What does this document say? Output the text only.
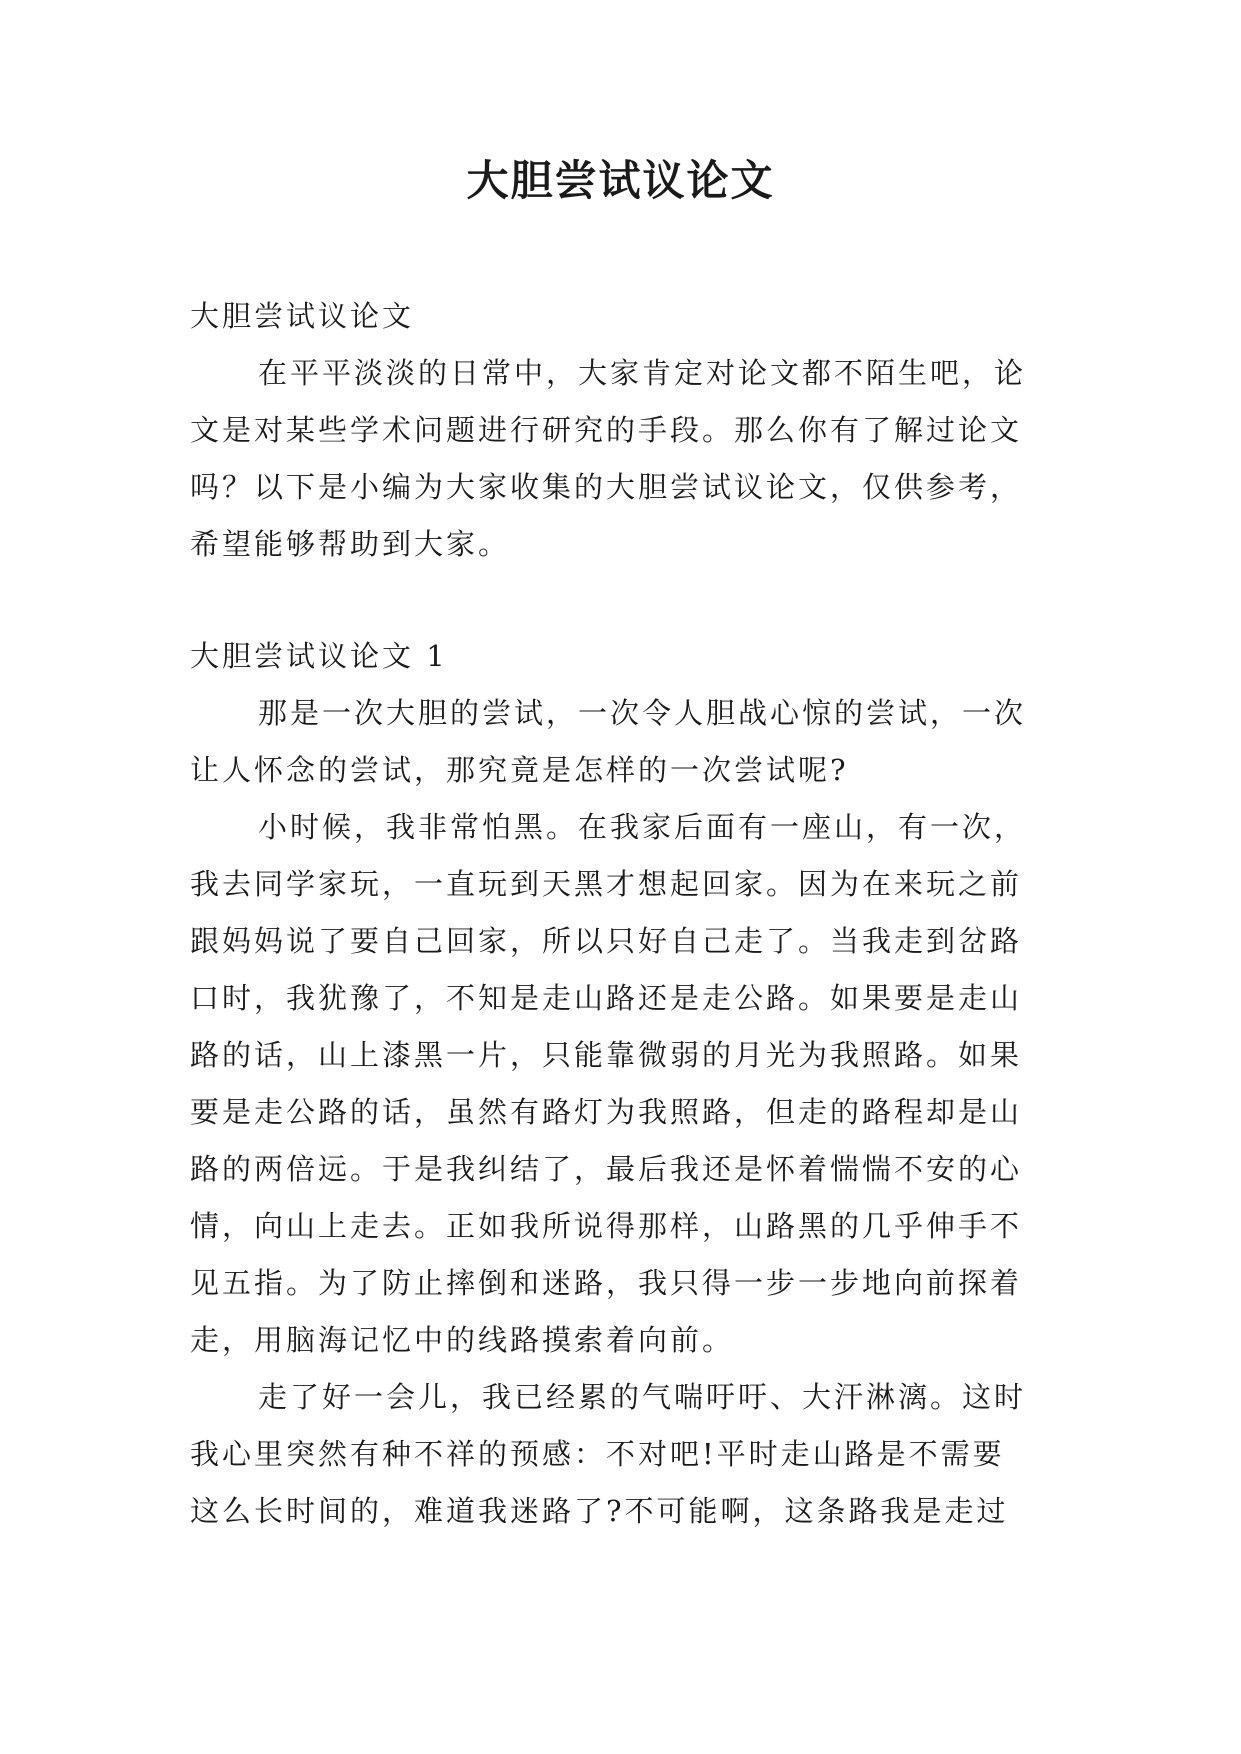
大胆尝试议论文
大胆尝试议论文
在平平淡淡的日常中，大家肯定对论文都不陌生吧，论
文是对某些学术问题进行研究的手段。那么你有了解过论文
吗？以下是小编为大家收集的大胆尝试议论文，仅供参考，
希望能够帮助到大家。
大胆尝试议论文 1
那是一次大胆的尝试，一次令人胆战心惊的尝试，一次
让人怀念的尝试，那究竟是怎样的一次尝试呢?
小时候，我非常怕黑。在我家后面有一座山，有一次，
我去同学家玩，一直玩到天黑才想起回家。因为在来玩之前
跟妈妈说了要自己回家，所以只好自己走了。当我走到岔路
口时，我犹豫了，不知是走山路还是走公路。如果要是走山
路的话，山上漆黑一片，只能靠微弱的月光为我照路。如果
要是走公路的话，虽然有路灯为我照路，但走的路程却是山
路的两倍远。于是我纠结了，最后我还是怀着惴惴不安的心
情，向山上走去。正如我所说得那样，山路黑的几乎伸手不
见五指。为了防止摔倒和迷路，我只得一步一步地向前探着
走，用脑海记忆中的线路摸索着向前。
走了好一会儿，我已经累的气喘吁吁、大汗淋漓。这时
我心里突然有种不祥的预感：不对吧!平时走山路是不需要
这么长时间的，难道我迷路了?不可能啊，这条路我是走过
